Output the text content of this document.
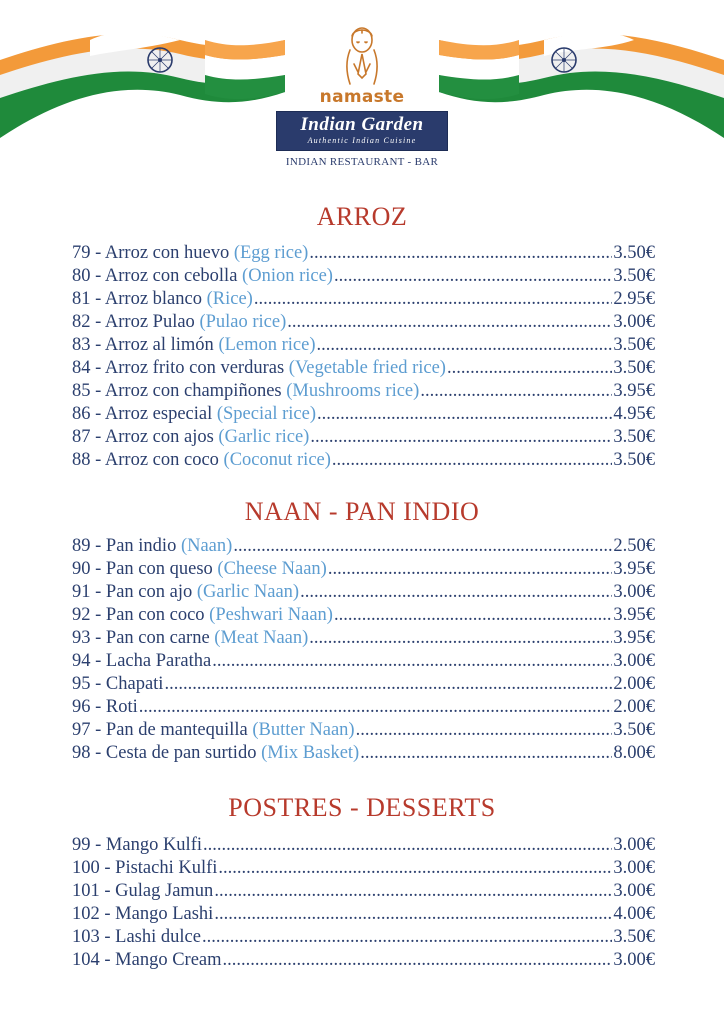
namaste
Indian Garden
Authentic Indian Cuisine
INDIAN RESTAURANT - BAR
ARROZ
79 - Arroz con huevo (Egg rice) .....	3.50€
80 - Arroz con cebolla (Onion rice) .....	3.50€
81 - Arroz blanco (Rice) .....	2.95€
82 - Arroz Pulao (Pulao rice) .....	3.00€
83 - Arroz al limón (Lemon rice) .....	3.50€
84 - Arroz frito con verduras (Vegetable fried rice) .....	3.50€
85 - Arroz con champiñones (Mushrooms rice) .....	3.95€
86 - Arroz especial (Special rice) .....	4.95€
87 - Arroz con ajos (Garlic rice) .....	3.50€
88 - Arroz con coco (Coconut rice) .....	3.50€
NAAN - PAN INDIO
89 - Pan indio (Naan) .....	2.50€
90 - Pan con queso (Cheese Naan) .....	3.95€
91 - Pan con ajo (Garlic Naan) .....	3.00€
92 - Pan con coco (Peshwari Naan) .....	3.95€
93 - Pan con carne (Meat Naan) .....	3.95€
94 - Lacha Paratha .....	3.00€
95 - Chapati .....	2.00€
96 - Roti .....	2.00€
97 - Pan de mantequilla (Butter Naan) .....	3.50€
98 - Cesta de pan surtido (Mix Basket) .....	8.00€
POSTRES - DESSERTS
99 - Mango Kulfi .....	3.00€
100 - Pistachi Kulfi .....	3.00€
101 - Gulag Jamun .....	3.00€
102 - Mango Lashi .....	4.00€
103 - Lashi dulce .....	3.50€
104 - Mango Cream .....	3.00€
